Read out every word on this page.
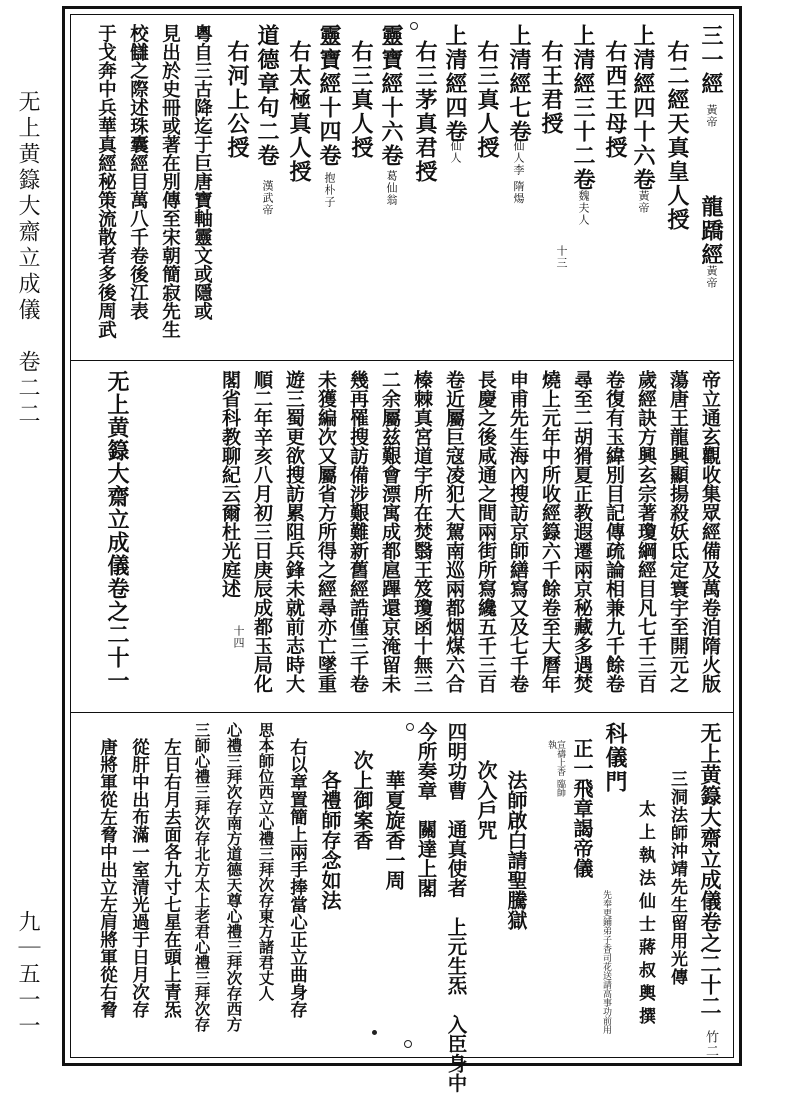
无上黄籙大齋立成儀　卷二二
九｜五一一
三一經
黃帝
龍蹻經
黃帝
右二經天真皇人授
上清經四十六卷
黃帝
右西王母授
上清經三十二卷
魏夫人
右王君授
十三
上清經七卷
仙人李 隋煬
右三真人授
上清經四卷
仙人
右三茅真君授
靈寶經十六卷
葛仙翁
右三真人授
靈寶經十四卷
抱朴子
右太極真人授
道德章句二卷
漢武帝
右河上公授
粵自三古降迄于巨唐寶軸靈文或隱或
見出於史冊或著在別傳至宋朝簡寂先生
校讎之際述珠囊經目萬八千卷後江表
于戈奔中兵華真經秘策流散者多後周武
帝立通玄觀收集眾經備及萬卷洎隋火版
蕩唐王龍興顯揚殺妖氐定寰宇至開元之
歲經訣方興玄宗著瓊綱經目凡七千三百
卷復有玉緯別目記傳疏論相兼九千餘卷
尋至二胡猾夏正教遐遷兩京秘藏多遇焚
燒上元年中所收經籙六千餘卷至大曆年
申甫先生海內搜訪京師繕寫又及七千卷
長慶之後咸通之間兩街所寫纔五千三百
卷近屬巨寇凌犯大駕南巡兩都烟煤六合
榛棘真宮道宇所在焚翳王笈瓊函十無三
二余屬兹艱會漂寓成都扈蹕還京淹留未
幾再罹搜訪備涉艱難新舊經誥僅三千卷
未獲編次又屬省方所得之經尋亦亡墜重
遊三蜀更欲搜訪累阻兵鋒未就前志時大
順二年辛亥八月初三日庚辰成都玉局化
閣省科教聊紀云爾杜光庭述
十四
无上黄籙大齋立成儀卷之二十一
无上黄籙大齋立成儀卷之二十二
竹二
三洞法師沖靖先生留用光傳
太上執法仙士蔣叔輿撰
科儀門
正一飛章謁帝儀
先奉更鋪弟子香司花送請高事功前用
宣禱上香 臨帥執
法師啟白請聖騰獄
次入戶咒
四明功曹　通真使者　上元生炁　入臣身中
今所奏章　關達上閣
華夏旋香一周
次上御案香
各禮師存念如法
右以章置簡上兩手捧當心正立曲身存
思本師位西立心禮三拜次存東方諸君丈人
心禮三拜次存南方道德天尊心禮三拜次存西方
三師心禮三拜次存北方太上老君心禮三拜次存
左日右月去面各九寸七星在頭上青炁
從肝中出布滿一室清光過于日月次存
唐將軍從左脅中出立左肩將軍從右脅
